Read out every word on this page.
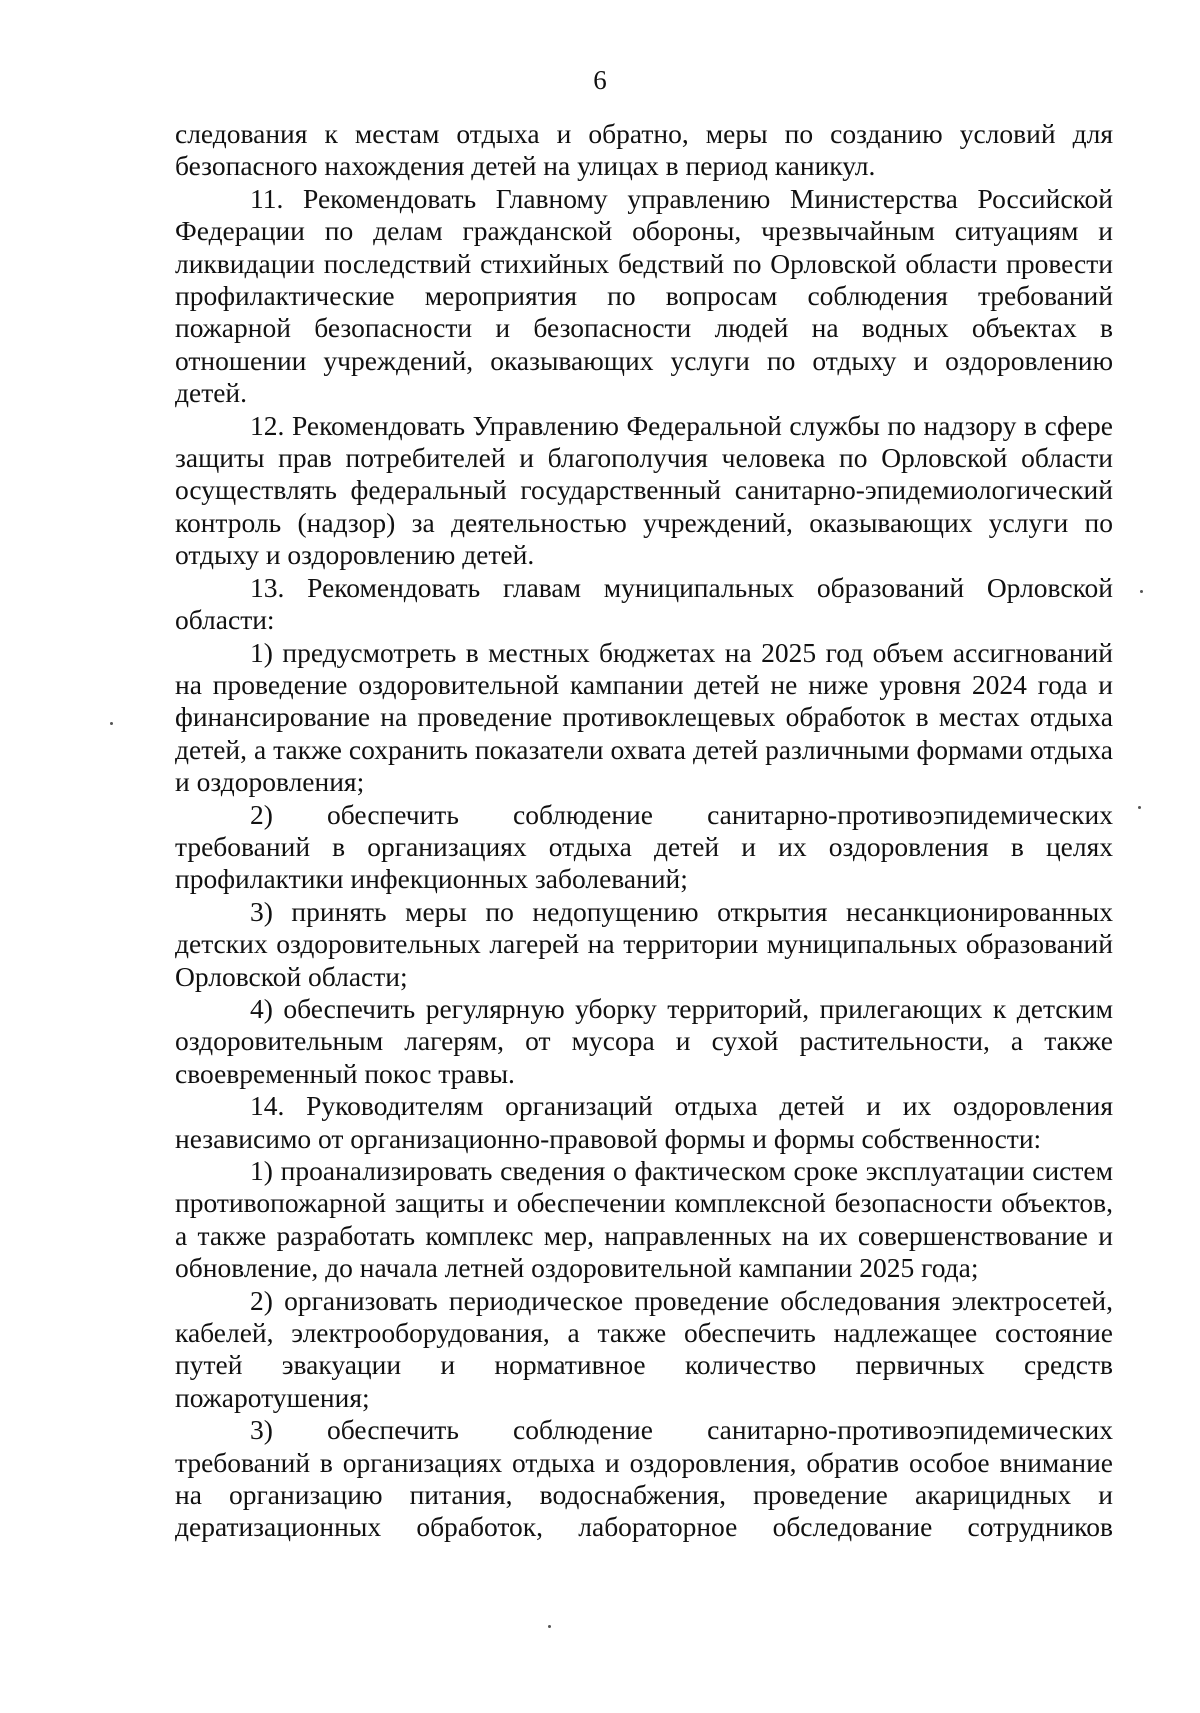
6

следования к местам отдыха и обратно, меры по созданию условий для безопасного нахождения детей на улицах в период каникул.

11. Рекомендовать Главному управлению Министерства Российской Федерации по делам гражданской обороны, чрезвычайным ситуациям и ликвидации последствий стихийных бедствий по Орловской области провести профилактические мероприятия по вопросам соблюдения требований пожарной безопасности и безопасности людей на водных объектах в отношении учреждений, оказывающих услуги по отдыху и оздоровлению детей.

12. Рекомендовать Управлению Федеральной службы по надзору в сфере защиты прав потребителей и благополучия человека по Орловской области осуществлять федеральный государственный санитарно-эпидемиологический контроль (надзор) за деятельностью учреждений, оказывающих услуги по отдыху и оздоровлению детей.

13. Рекомендовать главам муниципальных образований Орловской области:

1) предусмотреть в местных бюджетах на 2025 год объем ассигнований на проведение оздоровительной кампании детей не ниже уровня 2024 года и финансирование на проведение противоклещевых обработок в местах отдыха детей, а также сохранить показатели охвата детей различными формами отдыха и оздоровления;

2) обеспечить соблюдение санитарно-противоэпидемических требований в организациях отдыха детей и их оздоровления в целях профилактики инфекционных заболеваний;

3) принять меры по недопущению открытия несанкционированных детских оздоровительных лагерей на территории муниципальных образований Орловской области;

4) обеспечить регулярную уборку территорий, прилегающих к детским оздоровительным лагерям, от мусора и сухой растительности, а также своевременный покос травы.

14. Руководителям организаций отдыха детей и их оздоровления независимо от организационно-правовой формы и формы собственности:

1) проанализировать сведения о фактическом сроке эксплуатации систем противопожарной защиты и обеспечении комплексной безопасности объектов, а также разработать комплекс мер, направленных на их совершенствование и обновление, до начала летней оздоровительной кампании 2025 года;

2) организовать периодическое проведение обследования электросетей, кабелей, электрооборудования, а также обеспечить надлежащее состояние путей эвакуации и нормативное количество первичных средств пожаротушения;

3) обеспечить соблюдение санитарно-противоэпидемических требований в организациях отдыха и оздоровления, обратив особое внимание на организацию питания, водоснабжения, проведение акарицидных и дератизационных обработок, лабораторное обследование сотрудников
